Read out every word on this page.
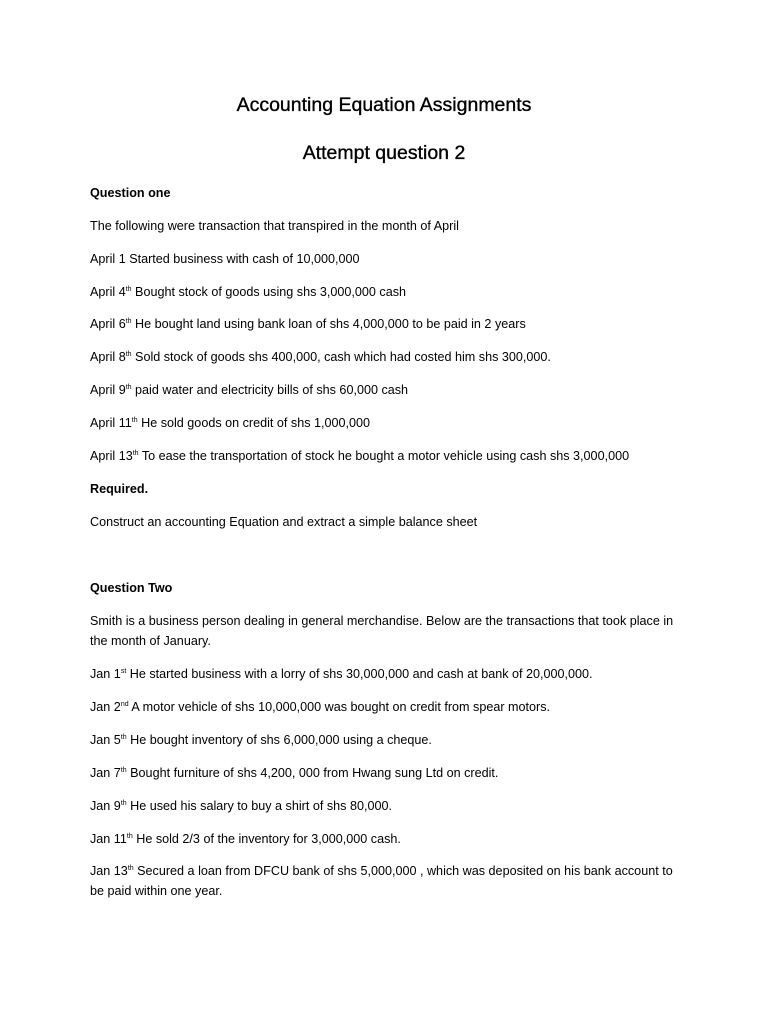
Accounting Equation Assignments
Attempt question 2
Question one
The following were transaction that transpired in the month of April
April 1 Started business with cash of 10,000,000
April 4th Bought stock of goods using shs 3,000,000 cash
April 6th He bought land using bank loan of shs 4,000,000 to be paid in 2 years
April 8th Sold stock of goods shs 400,000, cash which had costed him shs 300,000.
April 9th paid water and electricity bills of shs 60,000 cash
April 11th He sold goods on credit of shs 1,000,000
April 13th To ease the transportation of stock he bought a motor vehicle using cash shs 3,000,000
Required.
Construct an accounting Equation and extract a simple balance sheet
Question Two
Smith is a business person dealing in general merchandise. Below are the transactions that took place in the month of January.
Jan 1st He started business with a lorry of shs 30,000,000 and cash at bank of 20,000,000.
Jan 2nd A motor vehicle of shs 10,000,000 was bought on credit from spear motors.
Jan 5th He bought inventory of shs 6,000,000 using a cheque.
Jan 7th Bought furniture of shs 4,200, 000 from Hwang sung Ltd on credit.
Jan 9th He used his salary to buy a shirt of shs 80,000.
Jan 11th He sold 2/3 of the inventory for 3,000,000 cash.
Jan 13th Secured a loan from DFCU bank of shs 5,000,000 , which was deposited on his bank account to be paid within one year.
